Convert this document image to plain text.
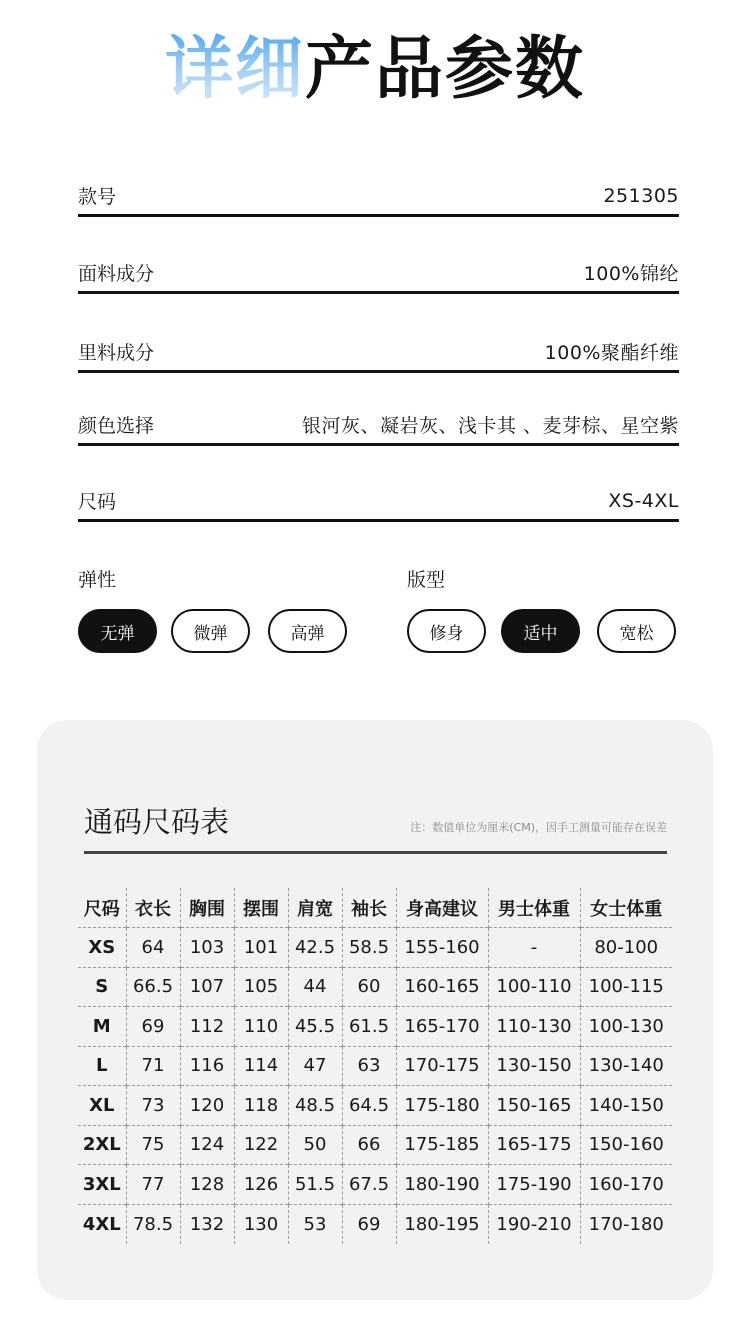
详细产品参数
款号	251305
面料成分	100%锦纶
里料成分	100%聚酯纤维
颜色选择	银河灰、凝岩灰、浅卡其 、麦芽棕、星空紫
尺码	XS-4XL
弹性
无弹	微弹	高弹
版型
修身	适中	宽松
通码尺码表	注：数值单位为厘米(CM)，因手工测量可能存在误差
尺码	衣长	胸围	摆围	肩宽	袖长	身高建议	男士体重	女士体重
XS	64	103	101	42.5	58.5	155-160	-	80-100
S	66.5	107	105	44	60	160-165	100-110	100-115
M	69	112	110	45.5	61.5	165-170	110-130	100-130
L	71	116	114	47	63	170-175	130-150	130-140
XL	73	120	118	48.5	64.5	175-180	150-165	140-150
2XL	75	124	122	50	66	175-185	165-175	150-160
3XL	77	128	126	51.5	67.5	180-190	175-190	160-170
4XL	78.5	132	130	53	69	180-195	190-210	170-180
